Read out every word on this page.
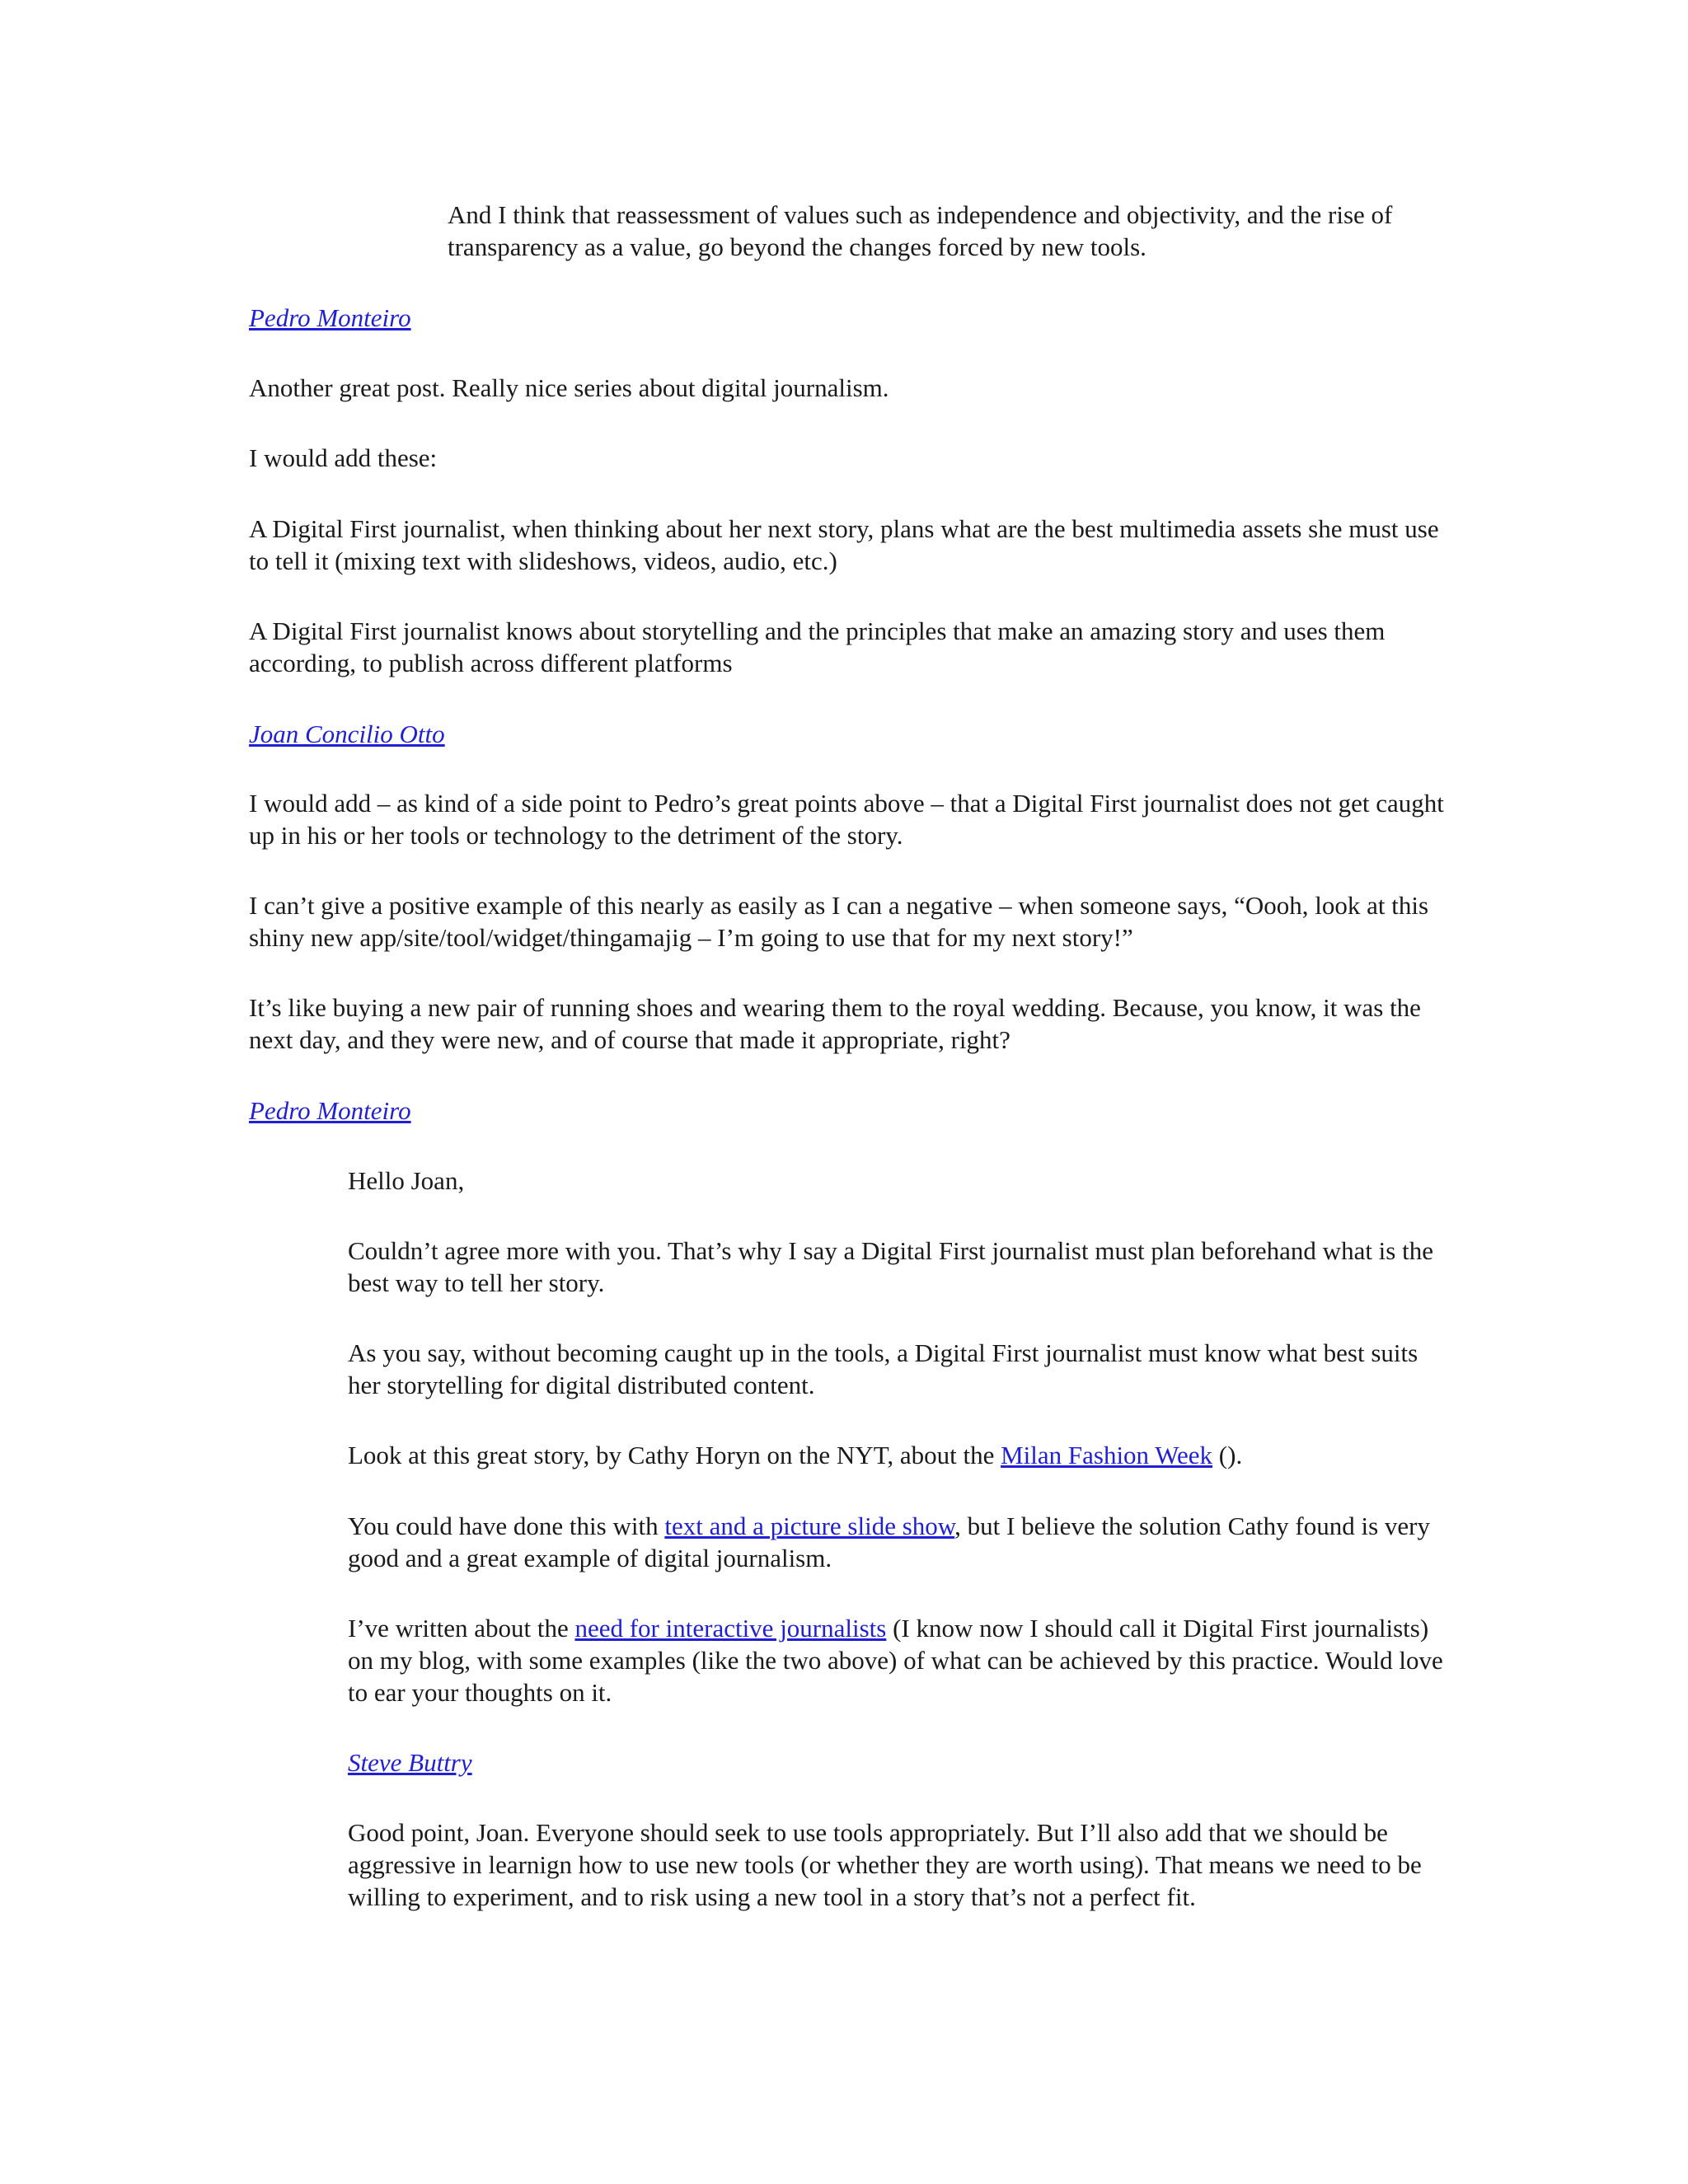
And I think that reassessment of values such as independence and objectivity, and the rise of transparency as a value, go beyond the changes forced by new tools.

Pedro Monteiro

Another great post. Really nice series about digital journalism.

I would add these:

A Digital First journalist, when thinking about her next story, plans what are the best multimedia assets she must use to tell it (mixing text with slideshows, videos, audio, etc.)

A Digital First journalist knows about storytelling and the principles that make an amazing story and uses them according, to publish across different platforms

Joan Concilio Otto

I would add – as kind of a side point to Pedro’s great points above – that a Digital First journalist does not get caught up in his or her tools or technology to the detriment of the story.

I can’t give a positive example of this nearly as easily as I can a negative – when someone says, “Oooh, look at this shiny new app/site/tool/widget/thingamajig – I’m going to use that for my next story!”

It’s like buying a new pair of running shoes and wearing them to the royal wedding. Because, you know, it was the next day, and they were new, and of course that made it appropriate, right?

Pedro Monteiro

Hello Joan,

Couldn’t agree more with you. That’s why I say a Digital First journalist must plan beforehand what is the best way to tell her story.

As you say, without becoming caught up in the tools, a Digital First journalist must know what best suits her storytelling for digital distributed content.

Look at this great story, by Cathy Horyn on the NYT, about the Milan Fashion Week ().

You could have done this with text and a picture slide show, but I believe the solution Cathy found is very good and a great example of digital journalism.

I’ve written about the need for interactive journalists (I know now I should call it Digital First journalists) on my blog, with some examples (like the two above) of what can be achieved by this practice. Would love to ear your thoughts on it.

Steve Buttry

Good point, Joan. Everyone should seek to use tools appropriately. But I’ll also add that we should be aggressive in learnign how to use new tools (or whether they are worth using). That means we need to be willing to experiment, and to risk using a new tool in a story that’s not a perfect fit.
